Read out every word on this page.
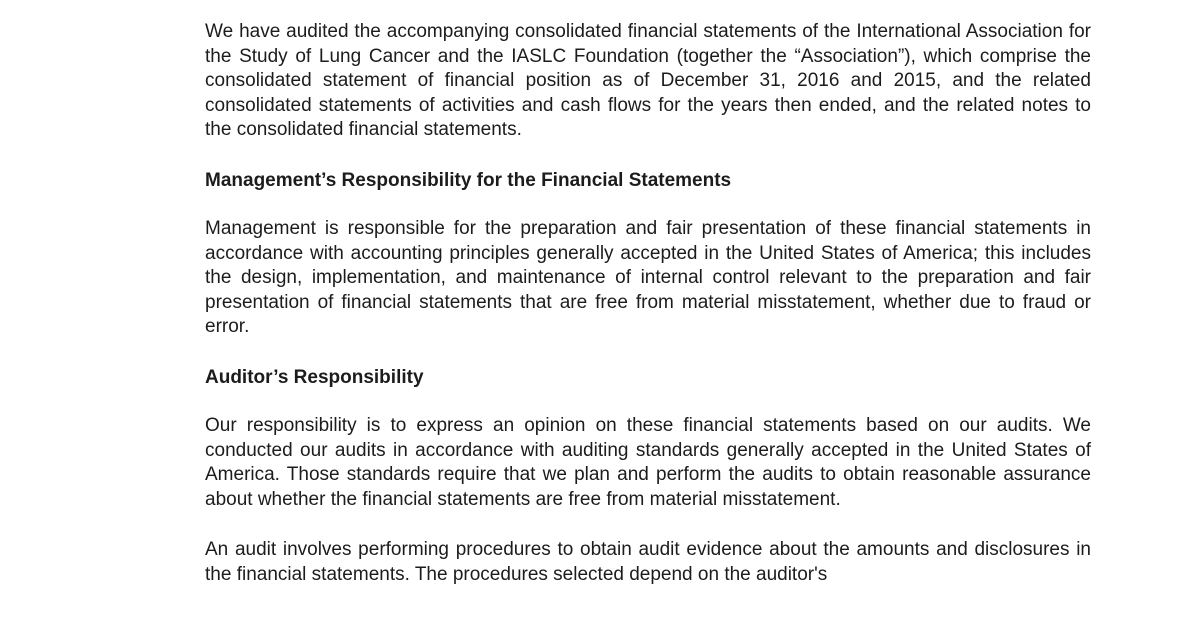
We have audited the accompanying consolidated financial statements of the International Association for the Study of Lung Cancer and the IASLC Foundation (together the “Association”), which comprise the consolidated statement of financial position as of December 31, 2016 and 2015, and the related consolidated statements of activities and cash flows for the years then ended, and the related notes to the consolidated financial statements.

Management’s Responsibility for the Financial Statements

Management is responsible for the preparation and fair presentation of these financial statements in accordance with accounting principles generally accepted in the United States of America; this includes the design, implementation, and maintenance of internal control relevant to the preparation and fair presentation of financial statements that are free from material misstatement, whether due to fraud or error.

Auditor’s Responsibility

Our responsibility is to express an opinion on these financial statements based on our audits. We conducted our audits in accordance with auditing standards generally accepted in the United States of America. Those standards require that we plan and perform the audits to obtain reasonable assurance about whether the financial statements are free from material misstatement.

An audit involves performing procedures to obtain audit evidence about the amounts and disclosures in the financial statements. The procedures selected depend on the auditor's
